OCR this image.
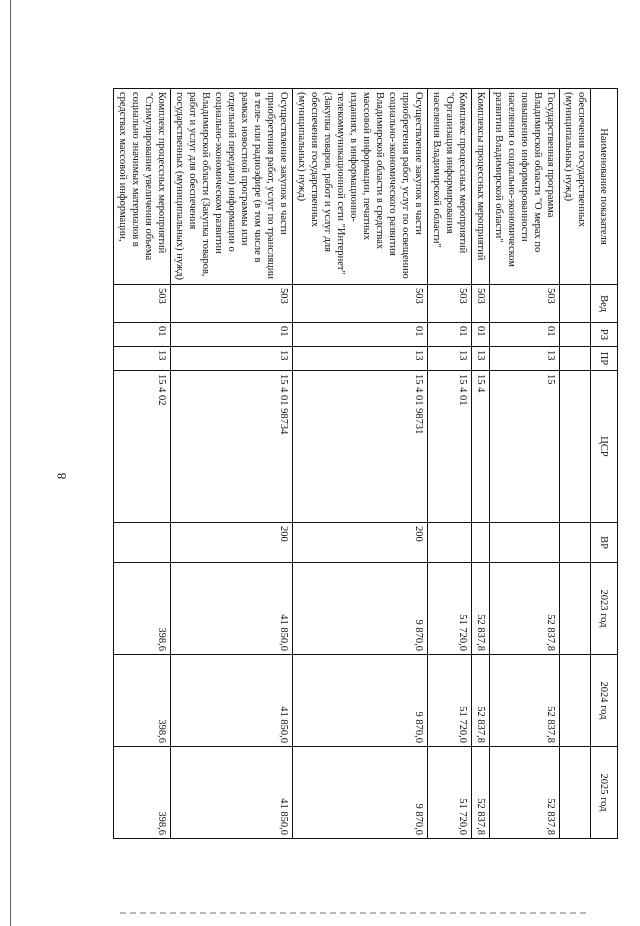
8
Наименование показателя	Вед	РЗ	ПР	ЦСР	ВР	2023 год	2024 год	2025 год
обеспечения государственных (муниципальных) нужд)								
Государственная программа Владимирской области "О мерах по повышению информированности населения о социально-экономическом развитии Владимирской области"	503	01	13	15		52 837,8	52 837,8	52 837,8
Комплексы процессных мероприятий	503	01	13	15 4		52 837,8	52 837,8	52 837,8
Комплекс процессных мероприятий "Организация информирования населения Владимирской области"	503	01	13	15 4 01		51 720,0	51 720,0	51 720,0
Осуществление закупок в части приобретения работ, услуг по освещению социально-экономического развития Владимирской области в средствах массовой информации, печатных изданиях, в информационно-телекоммуникационной сети "Интернет" (Закупка товаров, работ и услуг для обеспечения государственных (муниципальных) нужд)	503	01	13	15 4 01 98731	200	9 870,0	9 870,0	9 870,0
Осуществление закупок в части приобретения работ, услуг по трансляции в теле- или радиоэфире (в том числе в рамках новостной программы или отдельной передачи) информации о социально-экономическом развитии Владимирской области (Закупка товаров, работ и услуг для обеспечения государственных (муниципальных) нужд)	503	01	13	15 4 01 98734	200	41 850,0	41 850,0	41 850,0
Комплекс процессных мероприятий "Стимулирование увеличения объема социально значимых материалов в средствах массовой информации,	503	01	13	15 4 02		398,6	398,6	398,6
